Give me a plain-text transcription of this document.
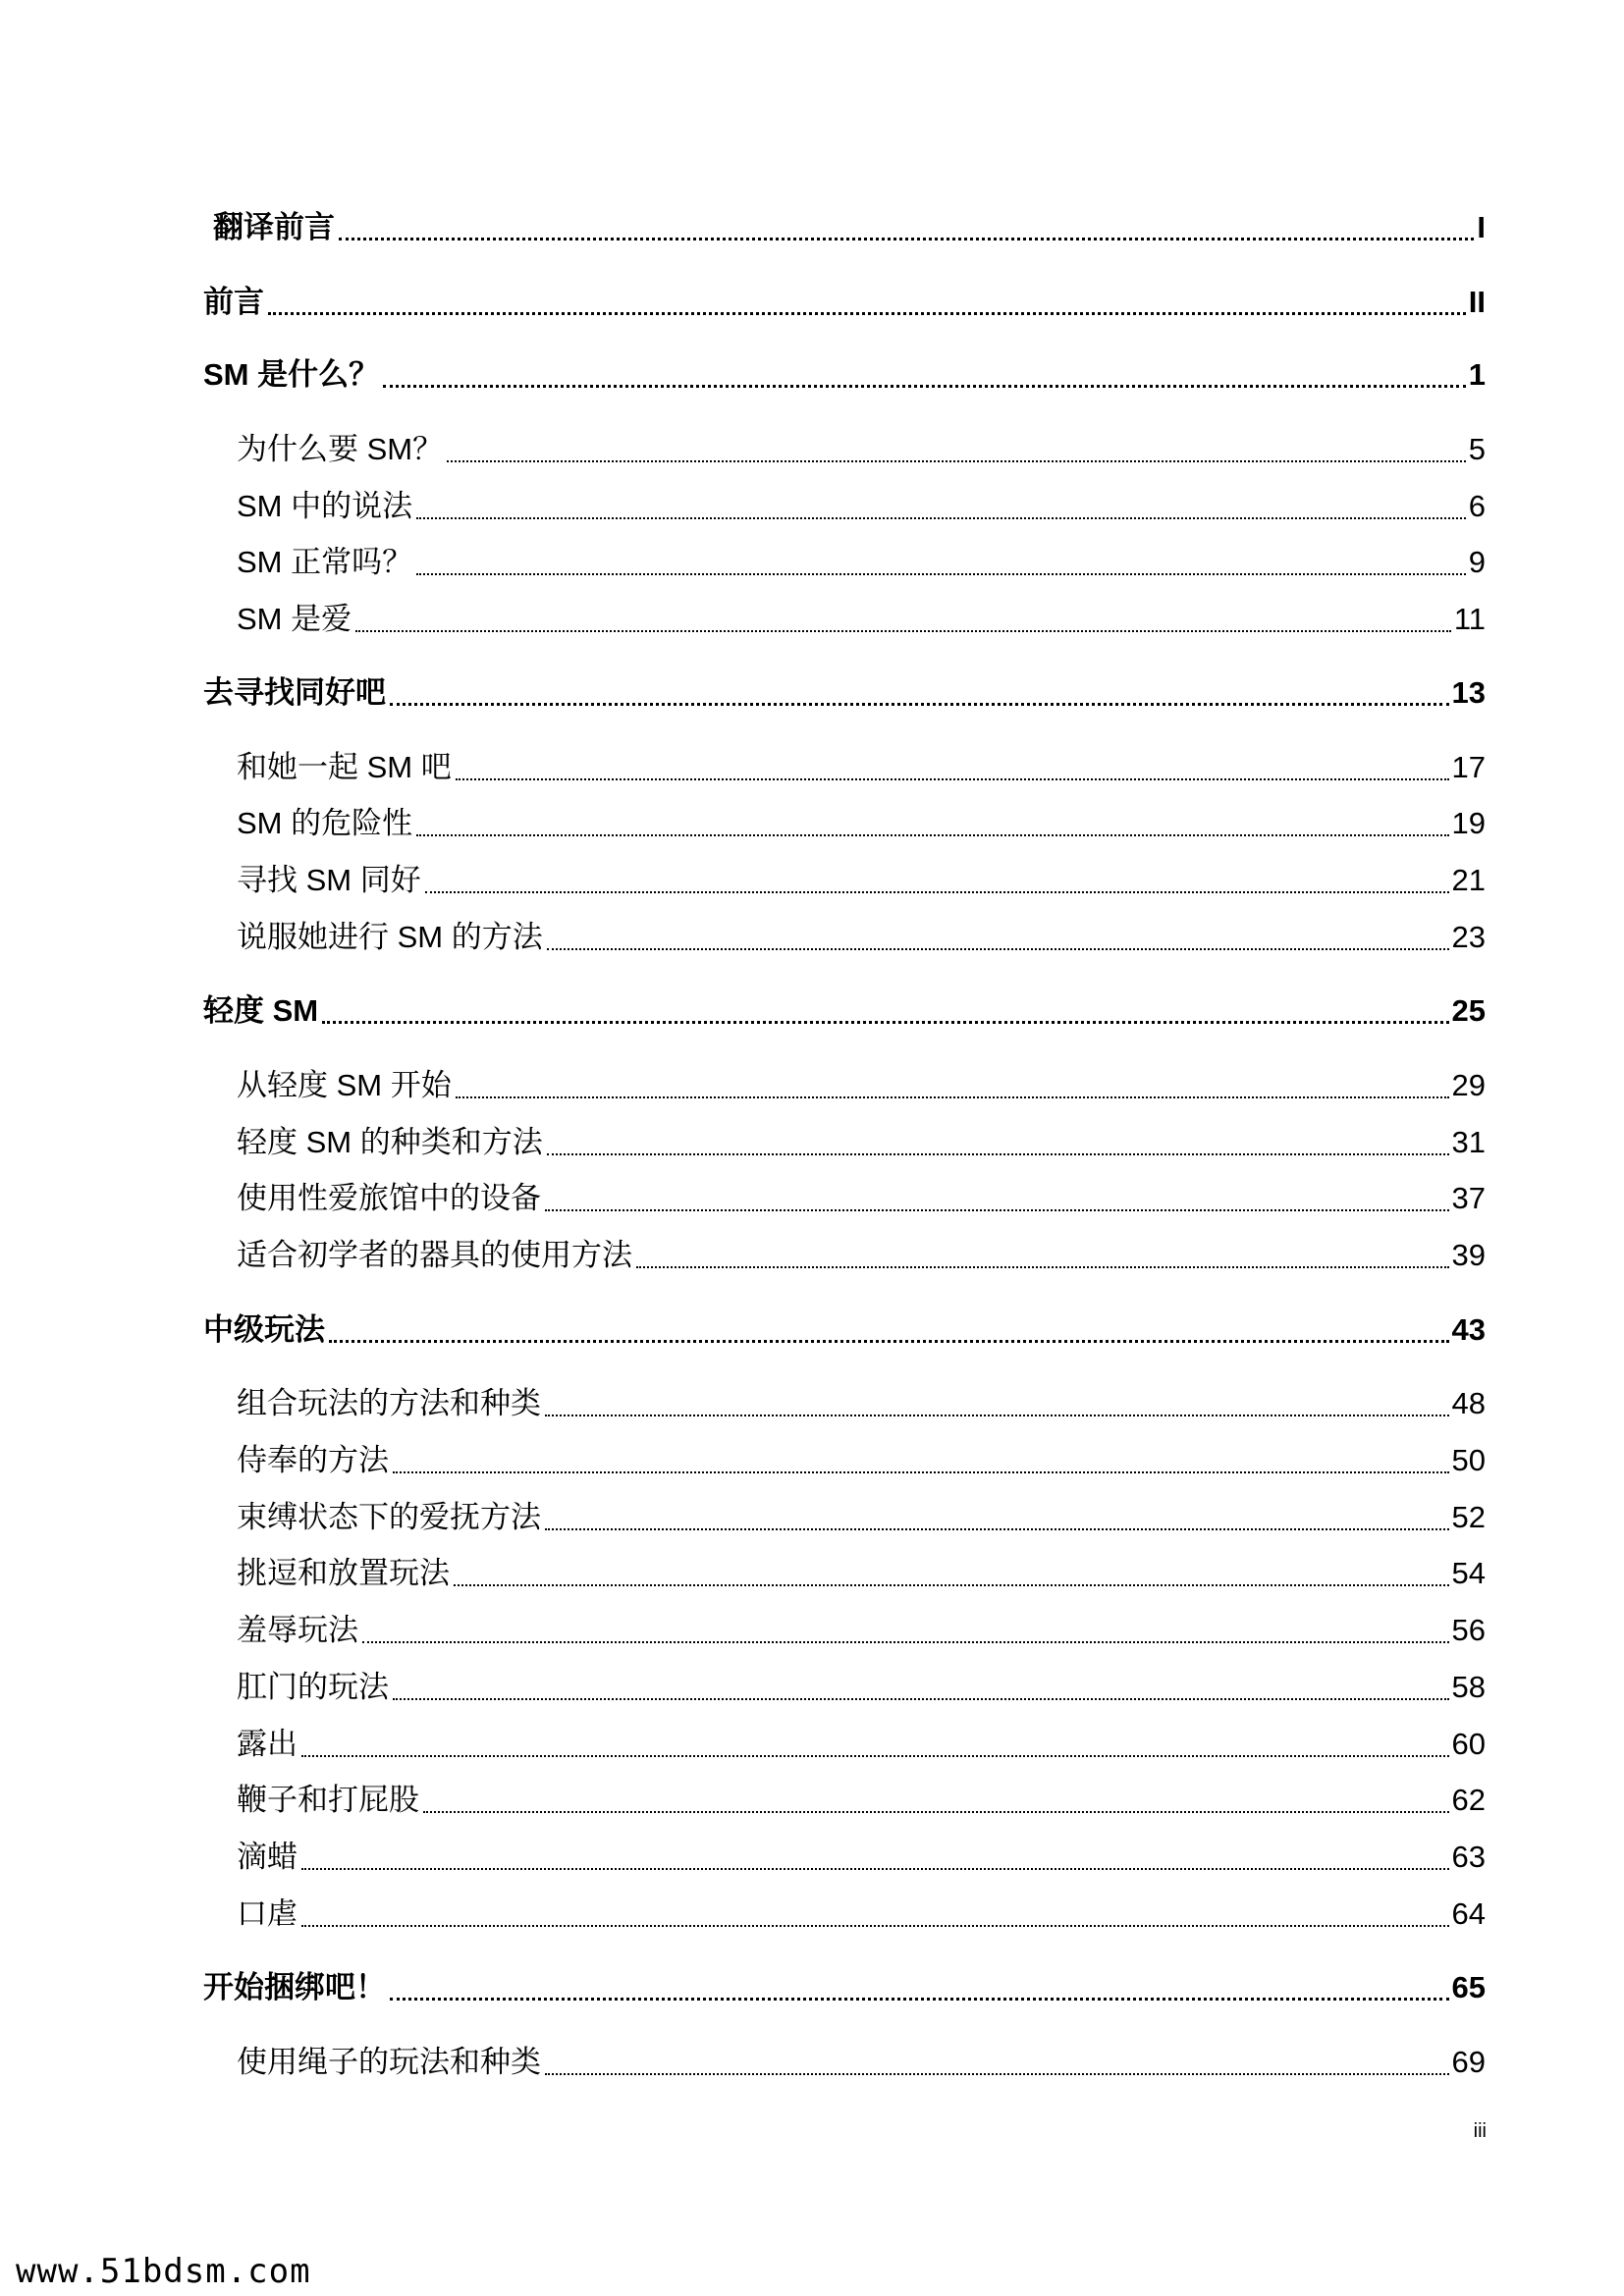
翻译前言	I
前言	II
SM 是什么？	1
为什么要 SM？	5
SM 中的说法	6
SM 正常吗？	9
SM 是爱	11
去寻找同好吧	13
和她一起 SM 吧	17
SM 的危险性	19
寻找 SM 同好	21
说服她进行 SM 的方法	23
轻度 SM	25
从轻度 SM 开始	29
轻度 SM 的种类和方法	31
使用性爱旅馆中的设备	37
适合初学者的器具的使用方法	39
中级玩法	43
组合玩法的方法和种类	48
侍奉的方法	50
束缚状态下的爱抚方法	52
挑逗和放置玩法	54
羞辱玩法	56
肛门的玩法	58
露出	60
鞭子和打屁股	62
滴蜡	63
口虐	64
开始捆绑吧！	65
使用绳子的玩法和种类	69
iii
www.51bdsm.com
